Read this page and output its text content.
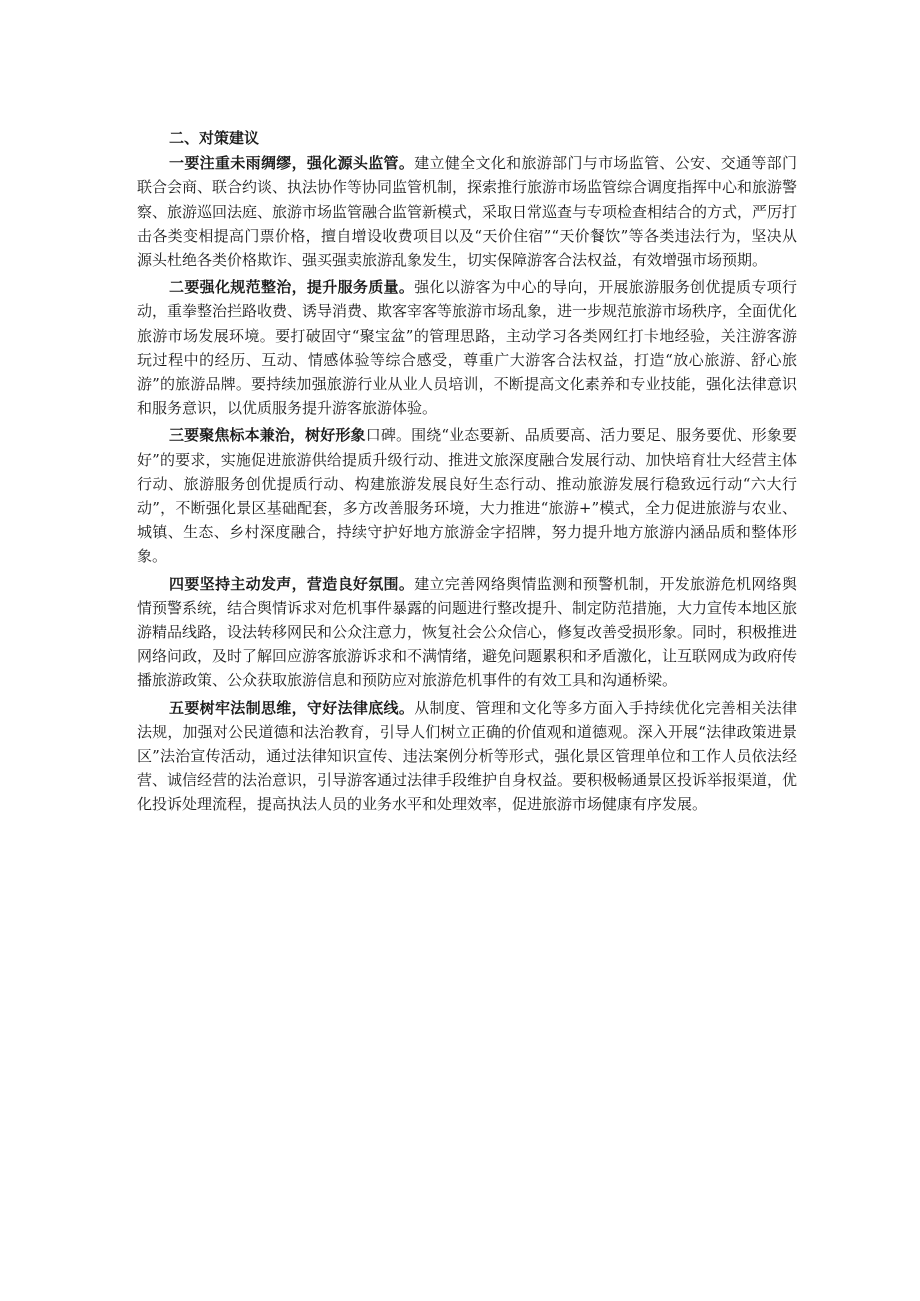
二、对策建议

一要注重未雨绸缪，强化源头监管。建立健全文化和旅游部门与市场监管、公安、交通等部门联合会商、联合约谈、执法协作等协同监管机制，探索推行旅游市场监管综合调度指挥中心和旅游警察、旅游巡回法庭、旅游市场监管融合监管新模式，采取日常巡查与专项检查相结合的方式，严厉打击各类变相提高门票价格，擅自增设收费项目以及“天价住宿”“天价餐饮”等各类违法行为，坚决从源头杜绝各类价格欺诈、强买强卖旅游乱象发生，切实保障游客合法权益，有效增强市场预期。

二要强化规范整治，提升服务质量。强化以游客为中心的导向，开展旅游服务创优提质专项行动，重拳整治拦路收费、诱导消费、欺客宰客等旅游市场乱象，进一步规范旅游市场秩序，全面优化旅游市场发展环境。要打破固守“聚宝盆”的管理思路，主动学习各类网红打卡地经验，关注游客游玩过程中的经历、互动、情感体验等综合感受，尊重广大游客合法权益，打造“放心旅游、舒心旅游”的旅游品牌。要持续加强旅游行业从业人员培训，不断提高文化素养和专业技能，强化法律意识和服务意识，以优质服务提升游客旅游体验。

三要聚焦标本兼治，树好形象口碑。围绕“业态要新、品质要高、活力要足、服务要优、形象要好”的要求，实施促进旅游供给提质升级行动、推进文旅深度融合发展行动、加快培育壮大经营主体行动、旅游服务创优提质行动、构建旅游发展良好生态行动、推动旅游发展行稳致远行动“六大行动”，不断强化景区基础配套，多方改善服务环境，大力推进“旅游+”模式，全力促进旅游与农业、城镇、生态、乡村深度融合，持续守护好地方旅游金字招牌，努力提升地方旅游内涵品质和整体形象。

四要坚持主动发声，营造良好氛围。建立完善网络舆情监测和预警机制，开发旅游危机网络舆情预警系统，结合舆情诉求对危机事件暴露的问题进行整改提升、制定防范措施，大力宣传本地区旅游精品线路，设法转移网民和公众注意力，恢复社会公众信心，修复改善受损形象。同时，积极推进网络问政，及时了解回应游客旅游诉求和不满情绪，避免问题累积和矛盾激化，让互联网成为政府传播旅游政策、公众获取旅游信息和预防应对旅游危机事件的有效工具和沟通桥梁。

五要树牢法制思维，守好法律底线。从制度、管理和文化等多方面入手持续优化完善相关法律法规，加强对公民道德和法治教育，引导人们树立正确的价值观和道德观。深入开展“法律政策进景区”法治宣传活动，通过法律知识宣传、违法案例分析等形式，强化景区管理单位和工作人员依法经营、诚信经营的法治意识，引导游客通过法律手段维护自身权益。要积极畅通景区投诉举报渠道，优化投诉处理流程，提高执法人员的业务水平和处理效率，促进旅游市场健康有序发展。
